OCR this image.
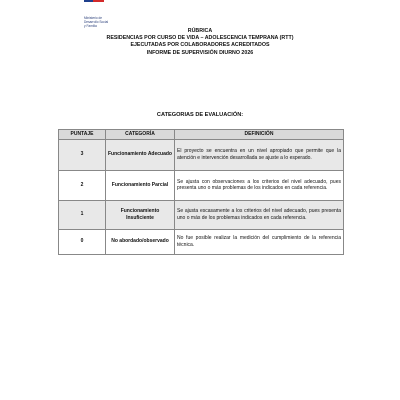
Ministerio de
Desarrollo Social
y Familia
RÚBRICA
RESIDENCIAS POR CURSO DE VIDA – ADOLESCENCIA TEMPRANA (RTT)
EJECUTADAS POR COLABORADORES ACREDITADOS
INFORME DE SUPERVISIÓN DIURNO 2026
CATEGORIAS DE EVALUACIÓN:
PUNTAJE	CATEGORÍA	DEFINICIÓN
3	Funcionamiento Adecuado	El proyecto se encuentra en un nivel apropiado que permite que la atención e intervención desarrollada se ajuste a lo esperado.
2	Funcionamiento Parcial	Se ajusta con observaciones a los criterios del nivel adecuado, pues presenta uno o más problemas de los indicados en cada referencia.
1	Funcionamiento Insuficiente	Se ajusta escasamente a los criterios del nivel adecuado, pues presenta uno o más de los problemas indicados en cada referencia.
0	No abordado/observado	No fue posible realizar la medición del cumplimiento de la referencia técnica.
